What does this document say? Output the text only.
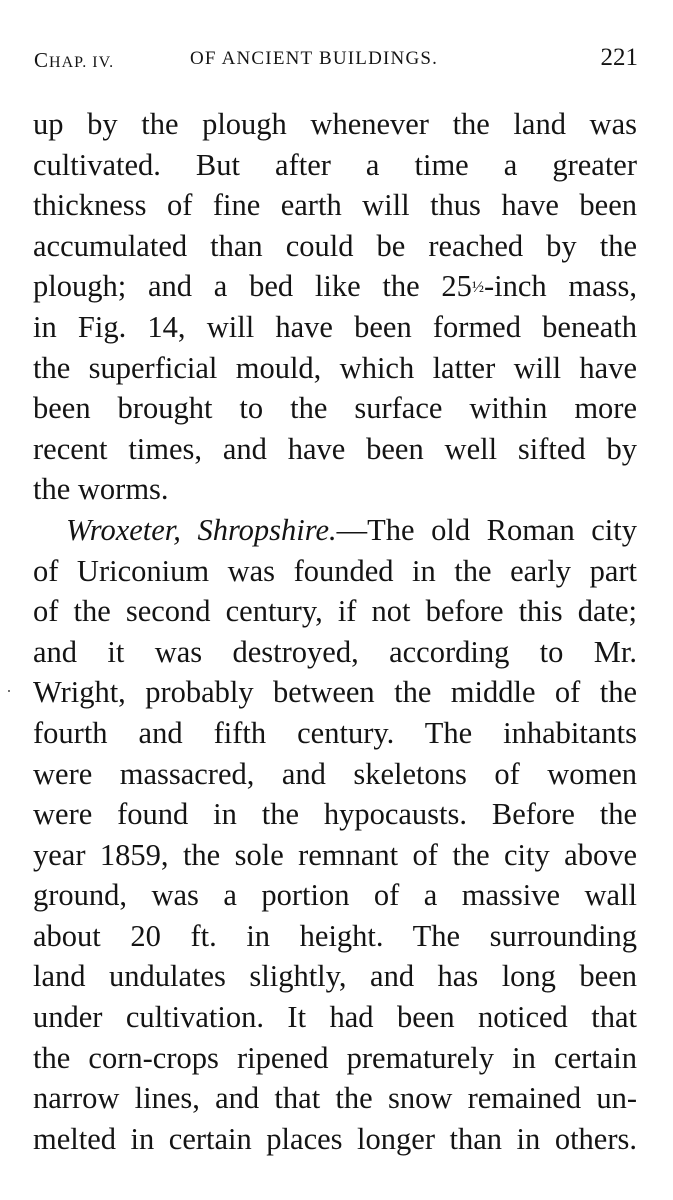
CHAP. IV.	OF ANCIENT BUILDINGS.	221
up by the plough whenever the land was
cultivated. But after a time a greater
thickness of fine earth will thus have been
accumulated than could be reached by the
plough; and a bed like the 25½-inch mass,
in Fig. 14, will have been formed beneath
the superficial mould, which latter will have
been brought to the surface within more
recent times, and have been well sifted by
the worms.
Wroxeter, Shropshire.—The old Roman city
of Uriconium was founded in the early part
of the second century, if not before this date;
and it was destroyed, according to Mr.
Wright, probably between the middle of the
fourth and fifth century. The inhabitants
were massacred, and skeletons of women
were found in the hypocausts. Before the
year 1859, the sole remnant of the city above
ground, was a portion of a massive wall
about 20 ft. in height. The surrounding
land undulates slightly, and has long been
under cultivation. It had been noticed that
the corn-crops ripened prematurely in certain
narrow lines, and that the snow remained un-
melted in certain places longer than in others.
